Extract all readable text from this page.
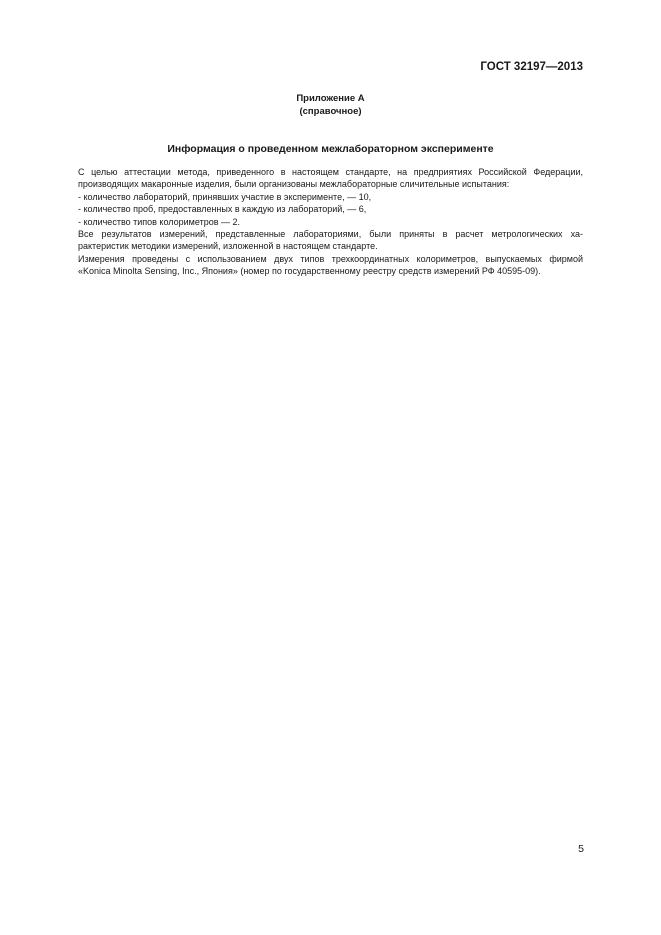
ГОСТ 32197—2013
Приложение А
(справочное)
Информация о проведенном межлабораторном эксперименте
С целью аттестации метода, приведенного в настоящем стандарте, на предприятиях Российской Федерации,
производящих макаронные изделия, были организованы межлабораторные сличительные испытания:
- количество лабораторий, принявших участие в эксперименте, — 10,
- количество проб, предоставленных в каждую из лабораторий, — 6,
- количество типов колориметров — 2.
Все результатов измерений, представленные лабораториями, были приняты в расчет метрологических ха-
рактеристик методики измерений, изложенной в настоящем стандарте.
Измерения проведены с использованием двух типов трехкоординатных колориметров, выпускаемых фирмой
«Konica Minolta Sensing, Inc., Япония» (номер по государственному реестру средств измерений РФ 40595-09).
5
